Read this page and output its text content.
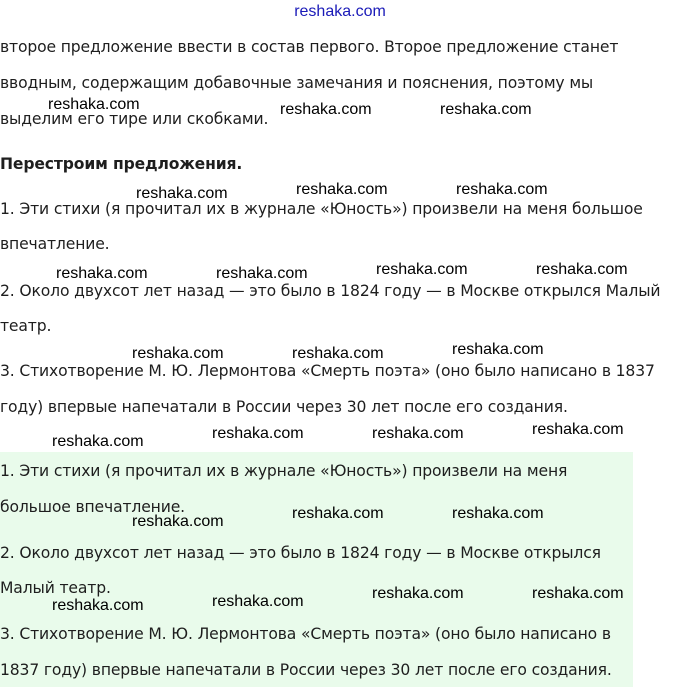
reshaka.com
второе предложение ввести в состав первого. Второе предложение станет
вводным, содержащим добавочные замечания и пояснения, поэтому мы
выделим его тире или скобками.
Перестроим предложения.
1. Эти стихи (я прочитал их в журнале «Юность») произвели на меня большое
впечатление.
2. Около двухсот лет назад — это было в 1824 году — в Москве открылся Малый
театр.
3. Стихотворение М. Ю. Лермонтова «Смерть поэта» (оно было написано в 1837
году) впервые напечатали в России через 30 лет после его создания.
1. Эти стихи (я прочитал их в журнале «Юность») произвели на меня
большое впечатление.
2. Около двухсот лет назад — это было в 1824 году — в Москве открылся
Малый театр.
3. Стихотворение М. Ю. Лермонтова «Смерть поэта» (оно было написано в
1837 году) впервые напечатали в России через 30 лет после его создания.
reshaka.com	reshaka.com	reshaka.com
reshaka.com	reshaka.com	reshaka.com
reshaka.com	reshaka.com	reshaka.com	reshaka.com
reshaka.com	reshaka.com	reshaka.com
reshaka.com	reshaka.com	reshaka.com	reshaka.com
reshaka.com	reshaka.com	reshaka.com
reshaka.com	reshaka.com	reshaka.com	reshaka.com
